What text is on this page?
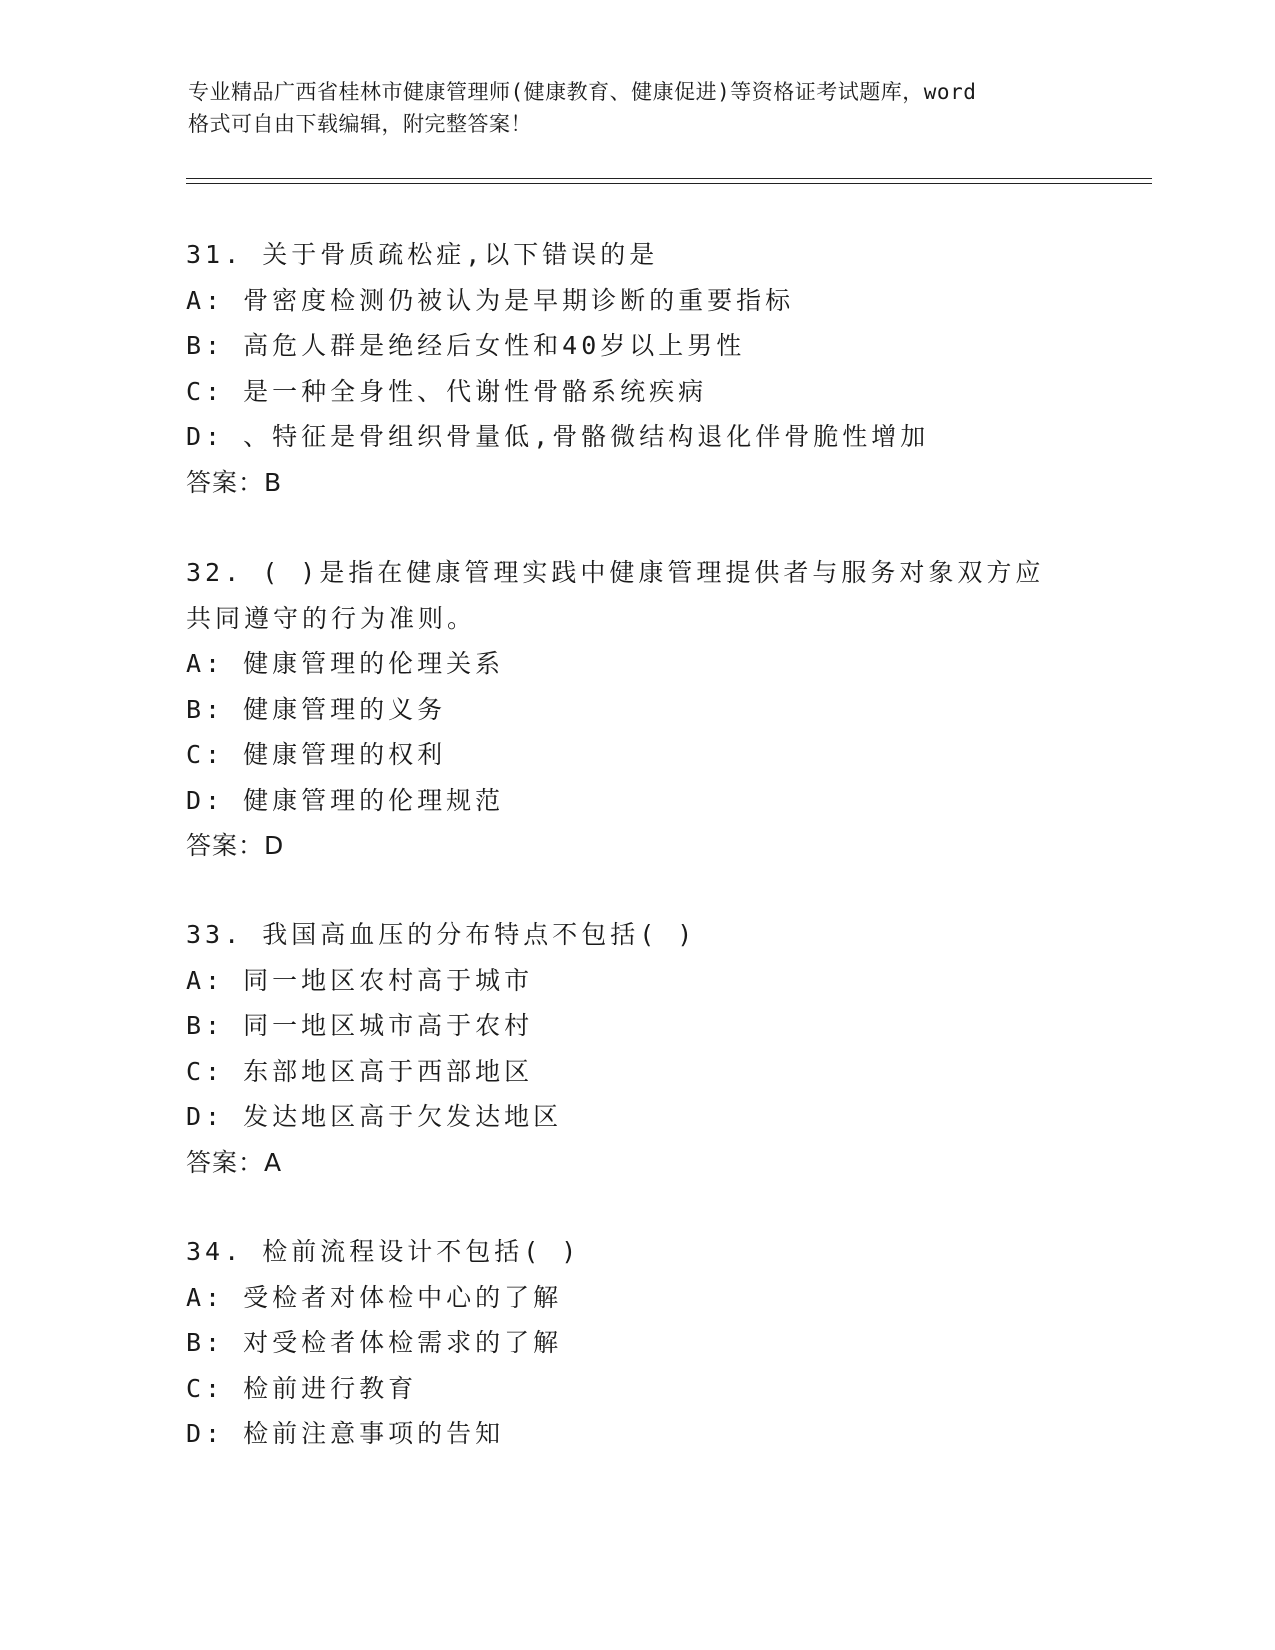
专业精品广西省桂林市健康管理师(健康教育、健康促进)等资格证考试题库，word
格式可自由下载编辑，附完整答案！
31. 关于骨质疏松症,以下错误的是
A: 骨密度检测仍被认为是早期诊断的重要指标
B: 高危人群是绝经后女性和40岁以上男性
C: 是一种全身性、代谢性骨骼系统疾病
D: 、特征是骨组织骨量低,骨骼微结构退化伴骨脆性增加
答案：B
32. ( )是指在健康管理实践中健康管理提供者与服务对象双方应
共同遵守的行为准则。
A: 健康管理的伦理关系
B: 健康管理的义务
C: 健康管理的权利
D: 健康管理的伦理规范
答案：D
33. 我国高血压的分布特点不包括( )
A: 同一地区农村高于城市
B: 同一地区城市高于农村
C: 东部地区高于西部地区
D: 发达地区高于欠发达地区
答案：A
34. 检前流程设计不包括( )
A: 受检者对体检中心的了解
B: 对受检者体检需求的了解
C: 检前进行教育
D: 检前注意事项的告知
